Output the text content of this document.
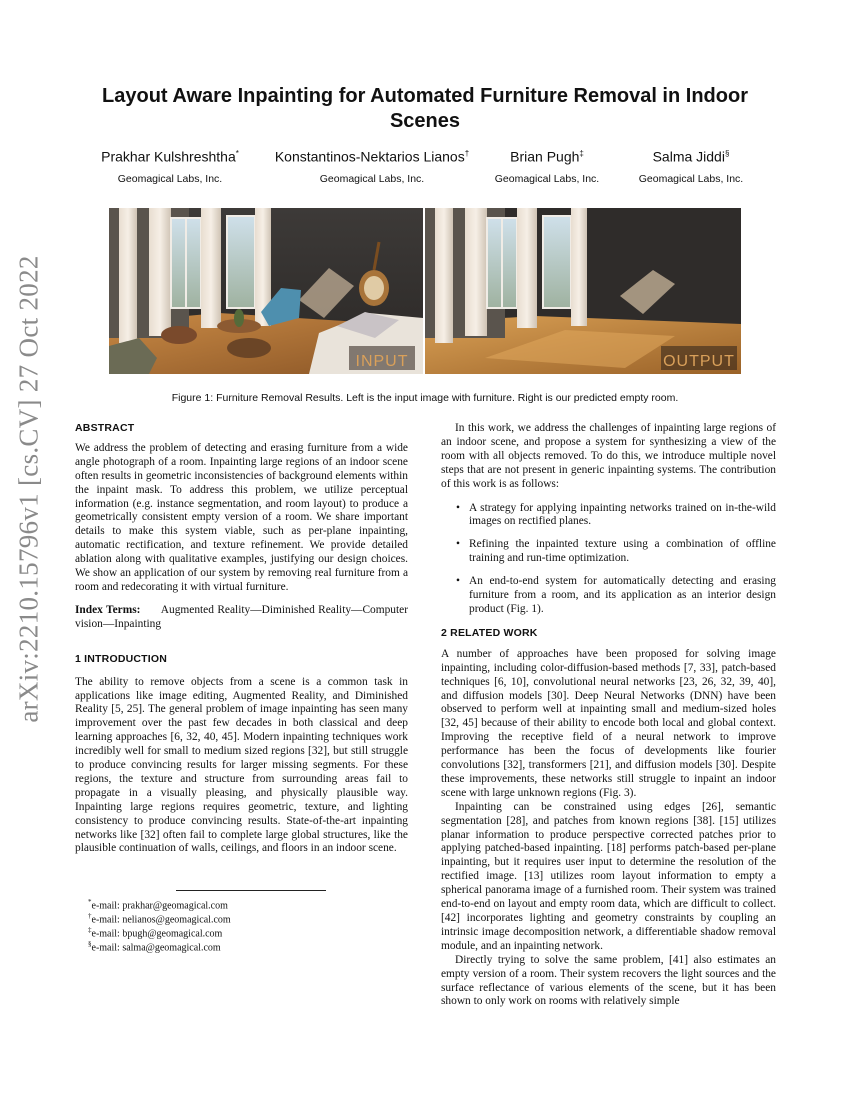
arXiv:2210.15796v1 [cs.CV] 27 Oct 2022
Layout Aware Inpainting for Automated Furniture Removal in Indoor Scenes
Prakhar Kulshreshtha*
Geomagical Labs, Inc.
Konstantinos-Nektarios Lianos†
Geomagical Labs, Inc.
Brian Pugh‡
Geomagical Labs, Inc.
Salma Jiddi§
Geomagical Labs, Inc.
INPUT	OUTPUT
Figure 1: Furniture Removal Results. Left is the input image with furniture. Right is our predicted empty room.
ABSTRACT

We address the problem of detecting and erasing furniture from a wide angle photograph of a room. Inpainting large regions of an indoor scene often results in geometric inconsistencies of background elements within the inpaint mask. To address this problem, we utilize perceptual information (e.g. instance segmentation, and room layout) to produce a geometrically consistent empty version of a room. We share important details to make this system viable, such as per-plane inpainting, automatic rectification, and texture refinement. We provide detailed ablation along with qualitative examples, justifying our design choices. We show an application of our system by removing real furniture from a room and redecorating it with virtual furniture.

Index Terms: Augmented Reality—Diminished Reality—Computer vision—Inpainting

1 INTRODUCTION

The ability to remove objects from a scene is a common task in applications like image editing, Augmented Reality, and Diminished Reality [5, 25]. The general problem of image inpainting has seen many improvement over the past few decades in both classical and deep learning approaches [6, 32, 40, 45]. Modern inpainting techniques work incredibly well for small to medium sized regions [32], but still struggle to produce convincing results for larger missing segments. For these regions, the texture and structure from surrounding areas fail to propagate in a visually pleasing, and physically plausible way. Inpainting large regions requires geometric, texture, and lighting consistency to produce convincing results. State-of-the-art inpainting networks like [32] often fail to complete large global structures, like the plausible continuation of walls, ceilings, and floors in an indoor scene.

*e-mail: prakhar@geomagical.com
†e-mail: nelianos@geomagical.com
‡e-mail: bpugh@geomagical.com
§e-mail: salma@geomagical.com

In this work, we address the challenges of inpainting large regions of an indoor scene, and propose a system for synthesizing a view of the room with all objects removed. To do this, we introduce multiple novel steps that are not present in generic inpainting systems. The contribution of this work is as follows:

• A strategy for applying inpainting networks trained on in-the-wild images on rectified planes.
• Refining the inpainted texture using a combination of offline training and run-time optimization.
• An end-to-end system for automatically detecting and erasing furniture from a room, and its application as an interior design product (Fig. 1).
2 RELATED WORK

A number of approaches have been proposed for solving image inpainting, including color-diffusion-based methods [7, 33], patch-based techniques [6, 10], convolutional neural networks [23, 26, 32, 39, 40], and diffusion models [30]. Deep Neural Networks (DNN) have been observed to perform well at inpainting small and medium-sized holes [32, 45] because of their ability to encode both local and global context. Improving the receptive field of a neural network to improve performance has been the focus of developments like fourier convolutions [32], transformers [21], and diffusion models [30]. Despite these improvements, these networks still struggle to inpaint an indoor scene with large unknown regions (Fig. 3).

Inpainting can be constrained using edges [26], semantic segmentation [28], and patches from known regions [38]. [15] utilizes planar information to produce perspective corrected patches prior to applying patched-based inpainting. [18] performs patch-based per-plane inpainting, but it requires user input to determine the resolution of the rectified image. [13] utilizes room layout information to empty a spherical panorama image of a furnished room. Their system was trained end-to-end on layout and empty room data, which are difficult to collect. [42] incorporates lighting and geometry constraints by coupling an intrinsic image decomposition network, a differentiable shadow removal module, and an inpainting network.

Directly trying to solve the same problem, [41] also estimates an empty version of a room. Their system recovers the light sources and the surface reflectance of various elements of the scene, but it has been shown to only work on rooms with relatively simple
